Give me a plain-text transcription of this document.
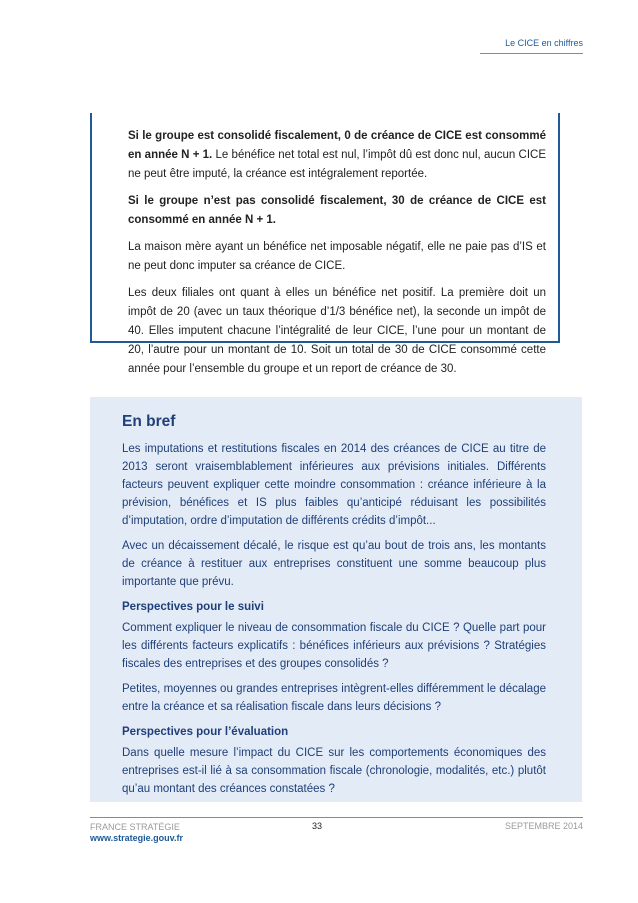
Le CICE en chiffres

Si le groupe est consolidé fiscalement, 0 de créance de CICE est consommé en année N + 1. Le bénéfice net total est nul, l’impôt dû est donc nul, aucun CICE ne peut être imputé, la créance est intégralement reportée.

Si le groupe n’est pas consolidé fiscalement, 30 de créance de CICE est consommé en année N + 1.

La maison mère ayant un bénéfice net imposable négatif, elle ne paie pas d’IS et ne peut donc imputer sa créance de CICE.

Les deux filiales ont quant à elles un bénéfice net positif. La première doit un impôt de 20 (avec un taux théorique d’1/3 bénéfice net), la seconde un impôt de 40. Elles imputent chacune l’intégralité de leur CICE, l’une pour un montant de 20, l’autre pour un montant de 10. Soit un total de 30 de CICE consommé cette année pour l’ensemble du groupe et un report de créance de 30.

En bref

Les imputations et restitutions fiscales en 2014 des créances de CICE au titre de 2013 seront vraisemblablement inférieures aux prévisions initiales. Différents facteurs peuvent expliquer cette moindre consommation : créance inférieure à la prévision, bénéfices et IS plus faibles qu’anticipé réduisant les possibilités d’imputation, ordre d’imputation de différents crédits d’impôt...

Avec un décaissement décalé, le risque est qu’au bout de trois ans, les montants de créance à restituer aux entreprises constituent une somme beaucoup plus importante que prévu.

Perspectives pour le suivi

Comment expliquer le niveau de consommation fiscale du CICE ? Quelle part pour les différents facteurs explicatifs : bénéfices inférieurs aux prévisions ? Stratégies fiscales des entreprises et des groupes consolidés ?

Petites, moyennes ou grandes entreprises intègrent-elles différemment le décalage entre la créance et sa réalisation fiscale dans leurs décisions ?

Perspectives pour l’évaluation

Dans quelle mesure l’impact du CICE sur les comportements économiques des entreprises est-il lié à sa consommation fiscale (chronologie, modalités, etc.) plutôt qu’au montant des créances constatées ?

FRANCE STRATÉGIE
www.strategie.gouv.fr
33	SEPTEMBRE 2014
